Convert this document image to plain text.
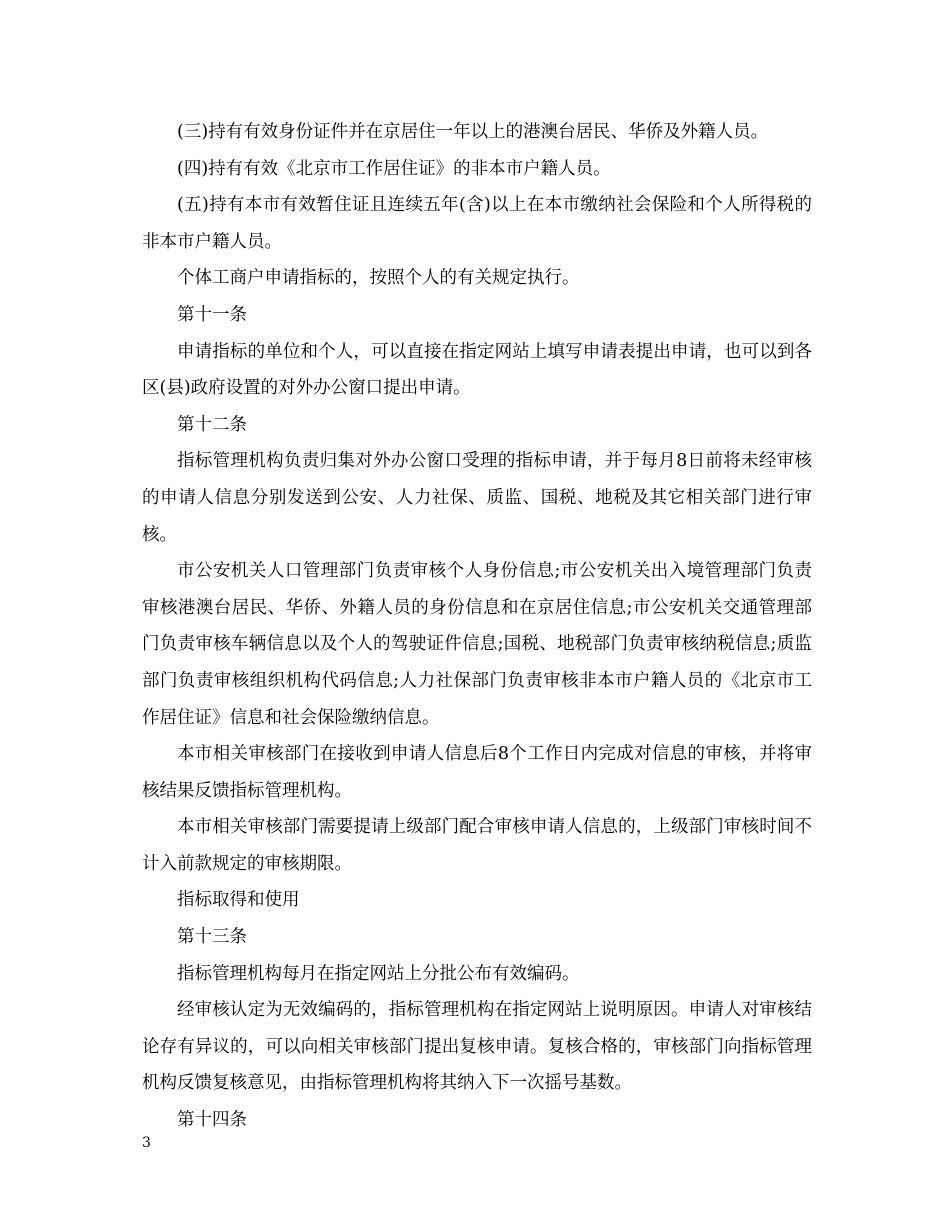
(三)持有有效身份证件并在京居住一年以上的港澳台居民、华侨及外籍人员。

(四)持有有效《北京市工作居住证》的非本市户籍人员。

(五)持有本市有效暂住证且连续五年(含)以上在本市缴纳社会保险和个人所得税的非本市户籍人员。

个体工商户申请指标的，按照个人的有关规定执行。

第十一条

申请指标的单位和个人，可以直接在指定网站上填写申请表提出申请，也可以到各区(县)政府设置的对外办公窗口提出申请。

第十二条

指标管理机构负责归集对外办公窗口受理的指标申请，并于每月8日前将未经审核的申请人信息分别发送到公安、人力社保、质监、国税、地税及其它相关部门进行审核。

市公安机关人口管理部门负责审核个人身份信息;市公安机关出入境管理部门负责审核港澳台居民、华侨、外籍人员的身份信息和在京居住信息;市公安机关交通管理部门负责审核车辆信息以及个人的驾驶证件信息;国税、地税部门负责审核纳税信息;质监部门负责审核组织机构代码信息;人力社保部门负责审核非本市户籍人员的《北京市工作居住证》信息和社会保险缴纳信息。

本市相关审核部门在接收到申请人信息后8个工作日内完成对信息的审核，并将审核结果反馈指标管理机构。

本市相关审核部门需要提请上级部门配合审核申请人信息的，上级部门审核时间不计入前款规定的审核期限。

指标取得和使用

第十三条

指标管理机构每月在指定网站上分批公布有效编码。

经审核认定为无效编码的，指标管理机构在指定网站上说明原因。申请人对审核结论存有异议的，可以向相关审核部门提出复核申请。复核合格的，审核部门向指标管理机构反馈复核意见，由指标管理机构将其纳入下一次摇号基数。

第十四条

3
